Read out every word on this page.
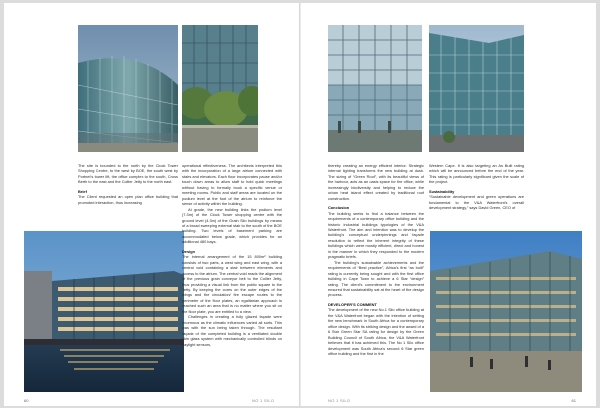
The site is bounded to the north by the Clock Tower Shopping Centre, to the west by BOE, the south west by Portnet’s tower lift, the office complex to the south, Cross Berth to the east and the Collier Jetty to the north east.

Brief

The Client requested an open plan office building that promoted interaction, thus increasing

operational effectiveness. The architects interpreted this with the incorporation of a large atrium connected with stairs and elevators. Each floor incorporates pause and/or touch down areas to allow staff to hold quick meetings without having to formally book a specific venue or meeting rooms. Public and staff areas are located on the podium level at the foot of the atrium to reinforce the sense of activity within the building.

At grade, the new building links the podium level (7.3m) of the Clock Tower shopping centre with the ground level (4.3m) of the Grain Silo buildings by means of a broad sweeping external stair to the south of the BOE building. Two levels of basement parking are accommodated below grade, which provides for an additional 480 bays.

Design

The internal arrangement of the 15 800m² building consists of two parts, a west wing and east wing, with a central void containing a stair between elements and access to the atrium. The central void reads the alignment of the previous grain conveyor belt to the Collier Jetty, thus providing a visual link from the public square to the Jetty. By keeping the cores on the outer edges of the wings and the circulation/ fire escape routes to the perimeter of the floor plates, an egalitarian approach is reached such an area that is no matter where you sit on the floor plate, you are entitled to a view.

Challenges in creating a fully glazed façade were enormous as the climatic influences varied all sorts. This was with the sun being taken through. The resultant façade of the completed building is a ventilated double skin glass system with mechanically controlled blinds on daylight sensors,

60	NO 1 SILO

thereby creating an energy efficient interior. Strategic internal lighting transforms the new building at dusk. The sizing of “Green Roof”, with its beautiful views of the harbour, acts as an oasis space for the office, while increasingly biodiversity and helping to reduce the urban heat island effect created by traditional roof construction.

Conclusion

The building seeks to find a balance between the requirements of a contemporary office building and the historic industrial buildings typologies of the V&A Waterfront. The aim and intention was to develop the building’s conceptual underpinnings and façade resolution to reflect the inherent integrity of these buildings which were mostly efficient, direct and honest in the manner in which they responded to the modern pragmatic briefs.

The building’s sustainable achievements and the requirements of “Best practice”, Africa’s first “as built” rating is currently being sought and with the first office building in Cape Town to achieve a 6 Star “design” rating. The client’s commitment to the environment ensured that sustainability sat at the heart of the design process.

DEVELOPER’S COMMENT

The development of the new No.1 Silo office building at the V&A Waterfront began with the intention of setting the new benchmark in South Africa for a contemporary office design. With its striking design and the award of a 6 Star Green Star SA rating for design by the Green Building Council of South Africa, the V&A Waterfront believes that it has achieved this. The No 1 Silo office development was South Africa’s second 6 Star green office building and the first in the

Western Cape. It is also targeting an As Built rating which will be announced before the end of the year. This rating is particularly significant given the scale of the project.

Sustainability

“Sustainable development and green operations are fundamental to the V&A Waterfront’s overall development strategy,” says David Green, CEO of

NO 1 SILO	61
